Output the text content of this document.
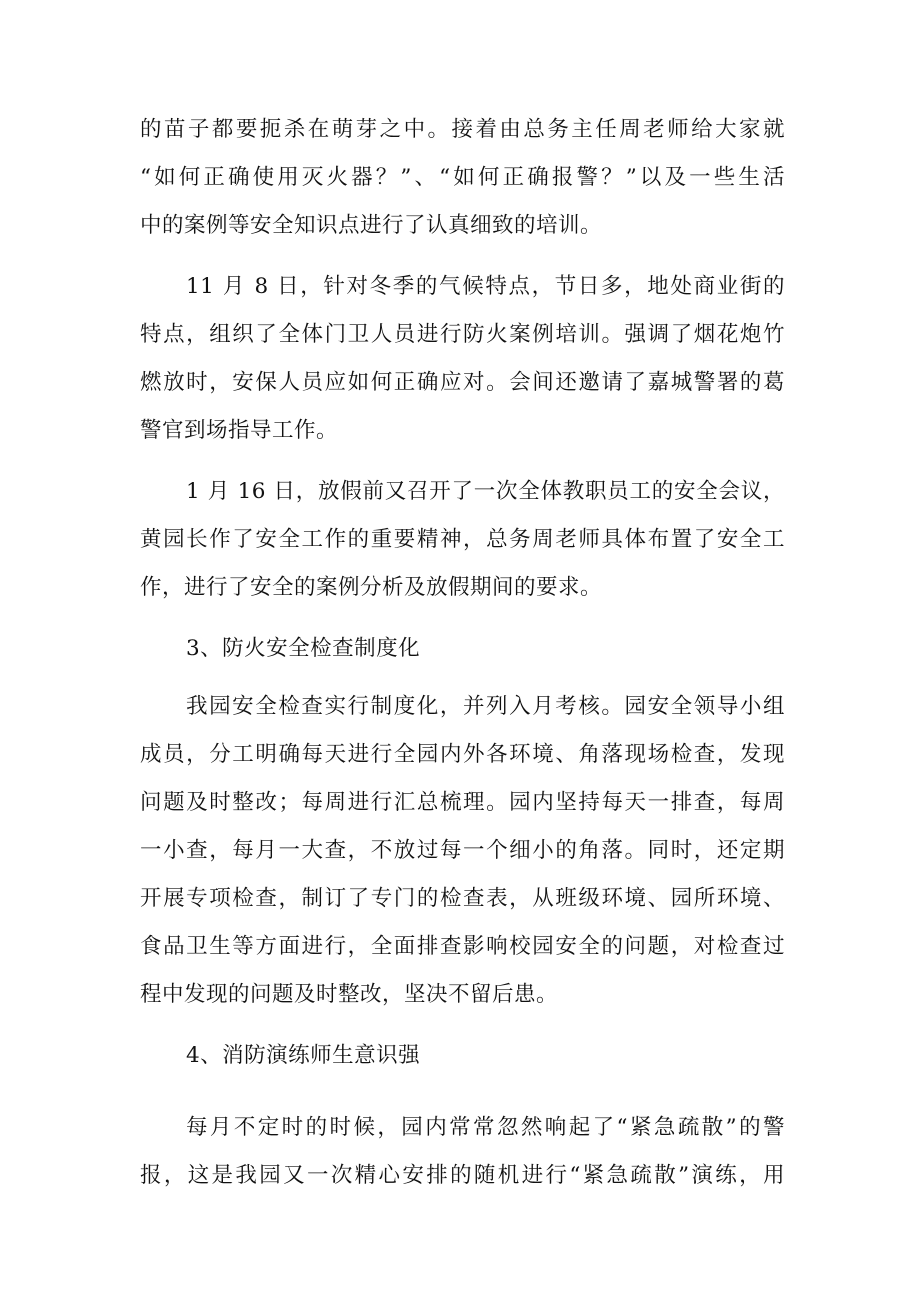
的苗子都要扼杀在萌芽之中。接着由总务主任周老师给大家就
“如何正确使用灭火器？”、“如何正确报警？”以及一些生活
中的案例等安全知识点进行了认真细致的培训。
11 月 8 日，针对冬季的气候特点，节日多，地处商业街的
特点，组织了全体门卫人员进行防火案例培训。强调了烟花炮竹
燃放时，安保人员应如何正确应对。会间还邀请了嘉城警署的葛
警官到场指导工作。
1 月 16 日，放假前又召开了一次全体教职员工的安全会议，
黄园长作了安全工作的重要精神，总务周老师具体布置了安全工
作，进行了安全的案例分析及放假期间的要求。
3、防火安全检查制度化
我园安全检查实行制度化，并列入月考核。园安全领导小组
成员，分工明确每天进行全园内外各环境、角落现场检查，发现
问题及时整改；每周进行汇总梳理。园内坚持每天一排查，每周
一小查，每月一大查，不放过每一个细小的角落。同时，还定期
开展专项检查，制订了专门的检查表，从班级环境、园所环境、
食品卫生等方面进行，全面排查影响校园安全的问题，对检查过
程中发现的问题及时整改，坚决不留后患。
4、消防演练师生意识强
每月不定时的时候，园内常常忽然响起了“紧急疏散”的警
报，这是我园又一次精心安排的随机进行“紧急疏散”演练，用
